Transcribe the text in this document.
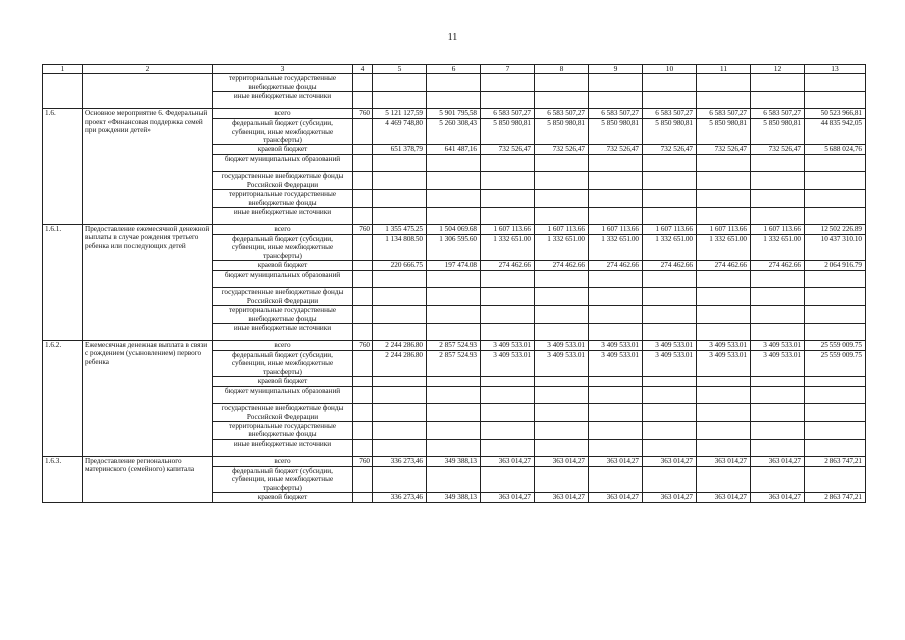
11
1	2	3	4	5	6	7	8	9	10	11	12	13
		территориальные государственные внебюджетные фонды										
		иные внебюджетные источники										
1.6.	Основное мероприятие 6. Федеральный проект «Финансовая поддержка семей при рождении детей»	всего	760	5 121 127,59	5 901 795,58	6 583 507,27	6 583 507,27	6 583 507,27	6 583 507,27	6 583 507,27	6 583 507,27	50 523 966,81
		федеральный бюджет (субсидии, субвенции, иные межбюджетные трансферты)		4 469 748,80	5 260 308,43	5 850 980,81	5 850 980,81	5 850 980,81	5 850 980,81	5 850 980,81	5 850 980,81	44 835 942,05
		краевой бюджет		651 378,79	641 487,16	732 526,47	732 526,47	732 526,47	732 526,47	732 526,47	732 526,47	5 688 024,76
		бюджет муниципальных образований										
		государственные внебюджетные фонды Российской Федерации										
		территориальные государственные внебюджетные фонды										
		иные внебюджетные источники										
1.6.1.	Предоставление ежемесячной денежной выплаты в случае рождения третьего ребенка или последующих детей	всего	760	1 355 475.25	1 504 069.68	1 607 113.66	1 607 113.66	1 607 113.66	1 607 113.66	1 607 113.66	1 607 113.66	12 502 226.89
		федеральный бюджет (субсидии, субвенции, иные межбюджетные трансферты)		1 134 808.50	1 306 595.60	1 332 651.00	1 332 651.00	1 332 651.00	1 332 651.00	1 332 651.00	1 332 651.00	10 437 310.10
		краевой бюджет		220 666.75	197 474.08	274 462.66	274 462.66	274 462.66	274 462.66	274 462.66	274 462.66	2 064 916.79
		бюджет муниципальных образований										
		государственные внебюджетные фонды Российской Федерации										
		территориальные государственные внебюджетные фонды										
		иные внебюджетные источники										
1.6.2.	Ежемесячная денежная выплата в связи с рождением (усыновлением) первого ребенка	всего	760	2 244 286.80	2 857 524.93	3 409 533.01	3 409 533.01	3 409 533.01	3 409 533.01	3 409 533.01	3 409 533.01	25 559 009.75
		федеральный бюджет (субсидии, субвенции, иные межбюджетные трансферты)		2 244 286.80	2 857 524.93	3 409 533.01	3 409 533.01	3 409 533.01	3 409 533.01	3 409 533.01	3 409 533.01	25 559 009.75
		краевой бюджет										
		бюджет муниципальных образований										
		государственные внебюджетные фонды Российской Федерации										
		территориальные государственные внебюджетные фонды										
		иные внебюджетные источники										
1.6.3.	Предоставление регионального материнского (семейного) капитала	всего	760	336 273,46	349 388,13	363 014,27	363 014,27	363 014,27	363 014,27	363 014,27	363 014,27	2 863 747,21
		федеральный бюджет (субсидии, субвенции, иные межбюджетные трансферты)										
		краевой бюджет		336 273,46	349 388,13	363 014,27	363 014,27	363 014,27	363 014,27	363 014,27	363 014,27	2 863 747,21
